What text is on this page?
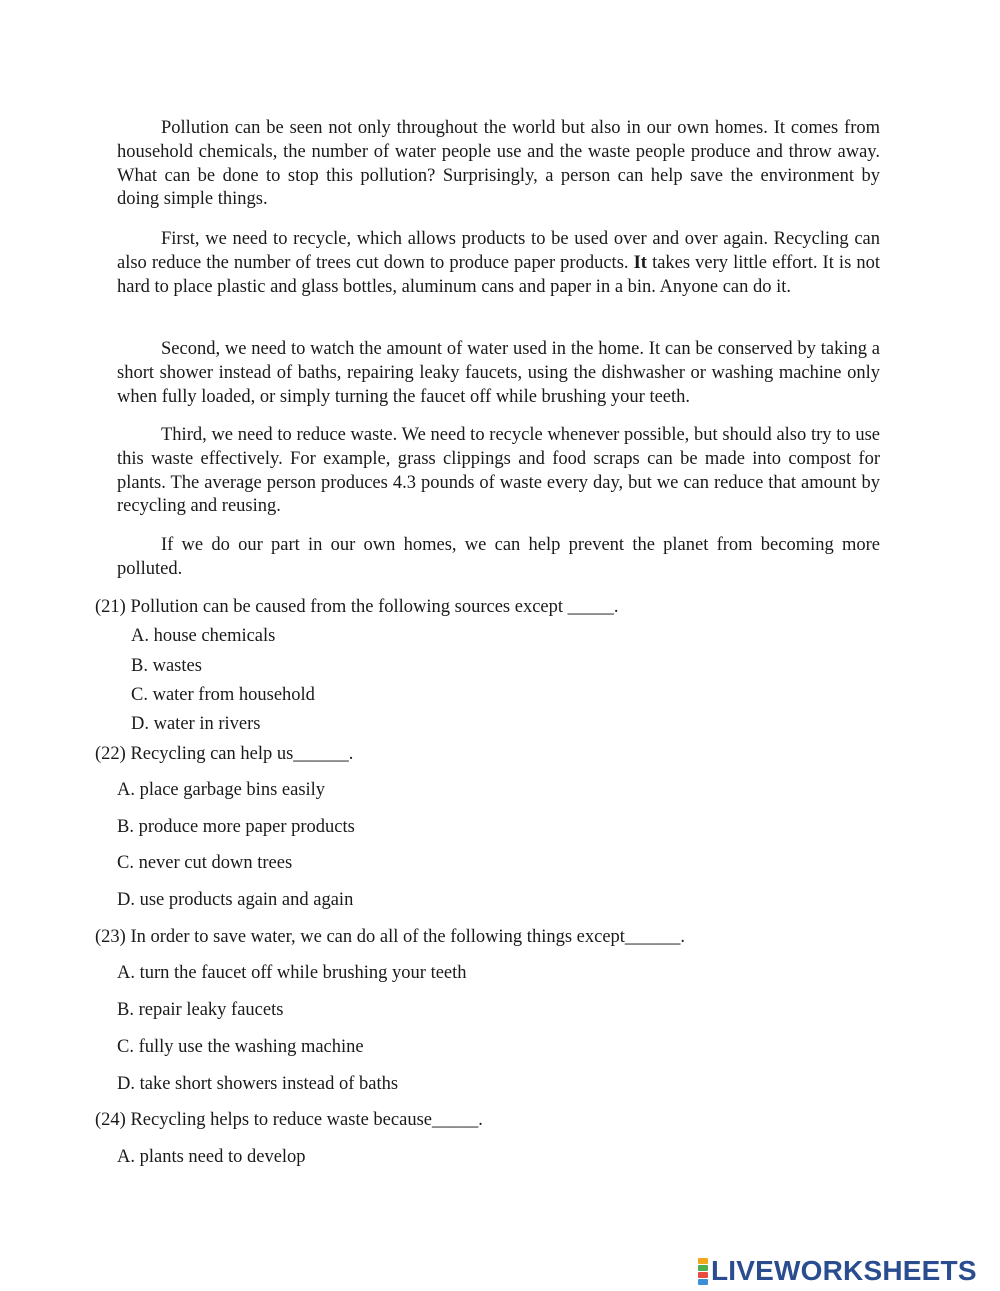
Pollution can be seen not only throughout the world but also in our own homes. It comes from household chemicals, the number of water people use and the waste people produce and throw away. What can be done to stop this pollution? Surprisingly, a person can help save the environment by doing simple things.

First, we need to recycle, which allows products to be used over and over again. Recycling can also reduce the number of trees cut down to produce paper products. It takes very little effort. It is not hard to place plastic and glass bottles, aluminum cans and paper in a bin. Anyone can do it.

Second, we need to watch the amount of water used in the home. It can be conserved by taking a short shower instead of baths, repairing leaky faucets, using the dishwasher or washing machine only when fully loaded, or simply turning the faucet off while brushing your teeth.

Third, we need to reduce waste. We need to recycle whenever possible, but should also try to use this waste effectively. For example, grass clippings and food scraps can be made into compost for plants. The average person produces 4.3 pounds of waste every day, but we can reduce that amount by recycling and reusing.

If we do our part in our own homes, we can help prevent the planet from becoming more polluted.

(21) Pollution can be caused from the following sources except _____.

A. house chemicals

B. wastes

C. water from household

D. water in rivers

(22) Recycling can help us______.

A. place garbage bins easily

B. produce more paper products

C. never cut down trees

D. use products again and again

(23) In order to save water, we can do all of the following things except______.

A. turn the faucet off while brushing your teeth

B. repair leaky faucets

C. fully use the washing machine

D. take short showers instead of baths

(24) Recycling helps to reduce waste because_____.

A. plants need to develop

LIVEWORKSHEETS
